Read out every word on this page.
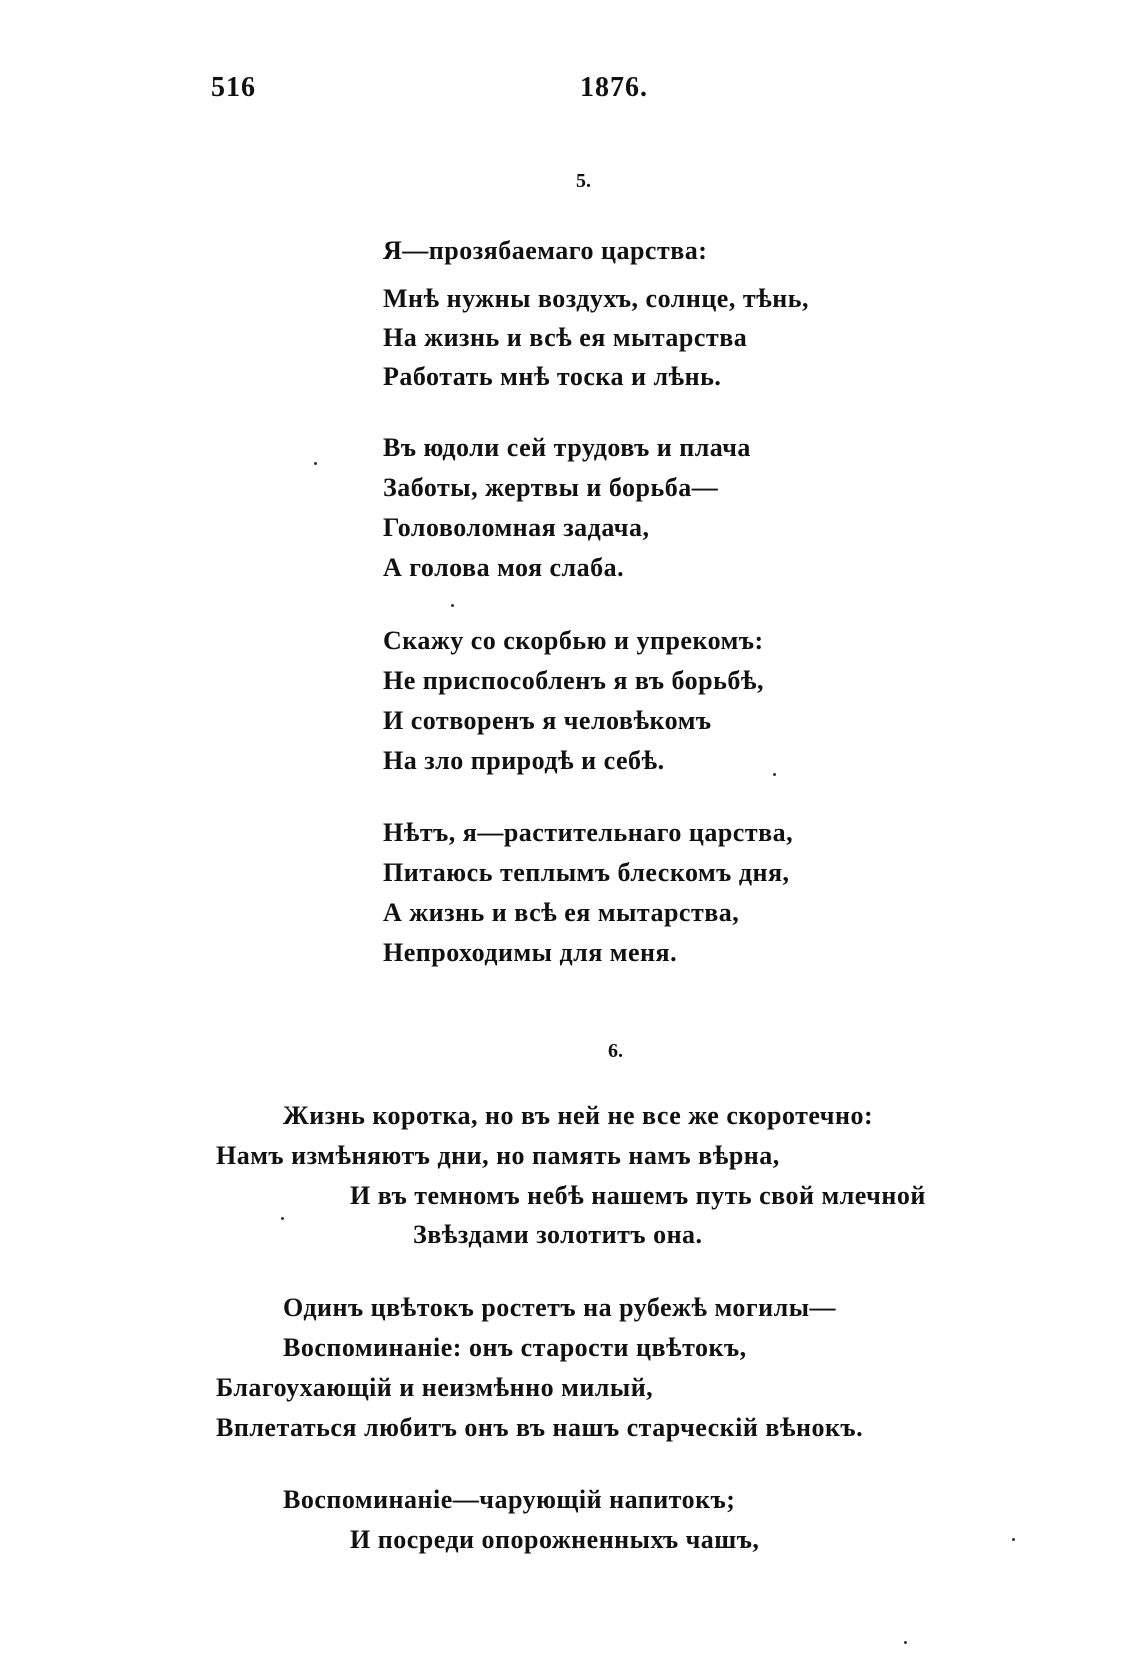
516	1876.
5.
Я—прозябаемаго царства:
Мнѣ нужны воздухъ, солнце, тѣнь,
На жизнь и всѣ ея мытарства
Работать мнѣ тоска и лѣнь.
Въ юдоли сей трудовъ и плача
Заботы, жертвы и борьба—
Головоломная задача,
А голова моя слаба.
Скажу со скорбью и упрекомъ:
Не приспособленъ я въ борьбѣ,
И сотворенъ я человѣкомъ
На зло природѣ и себѣ.
Нѣтъ, я—растительнаго царства,
Питаюсь теплымъ блескомъ дня,
А жизнь и всѣ ея мытарства,
Непроходимы для меня.
6.
Жизнь коротка, но въ ней не все же скоротечно:
Намъ измѣняютъ дни, но память намъ вѣрна,
И въ темномъ небѣ нашемъ путь свой млечной
Звѣздами золотитъ она.
Одинъ цвѣтокъ ростетъ на рубежѣ могилы—
Воспоминаніе: онъ старости цвѣтокъ,
Благоухающій и неизмѣнно милый,
Вплетаться любитъ онъ въ нашъ старческій вѣнокъ.
Воспоминаніе—чарующій напитокъ;
И посреди опорожненныхъ чашъ,
